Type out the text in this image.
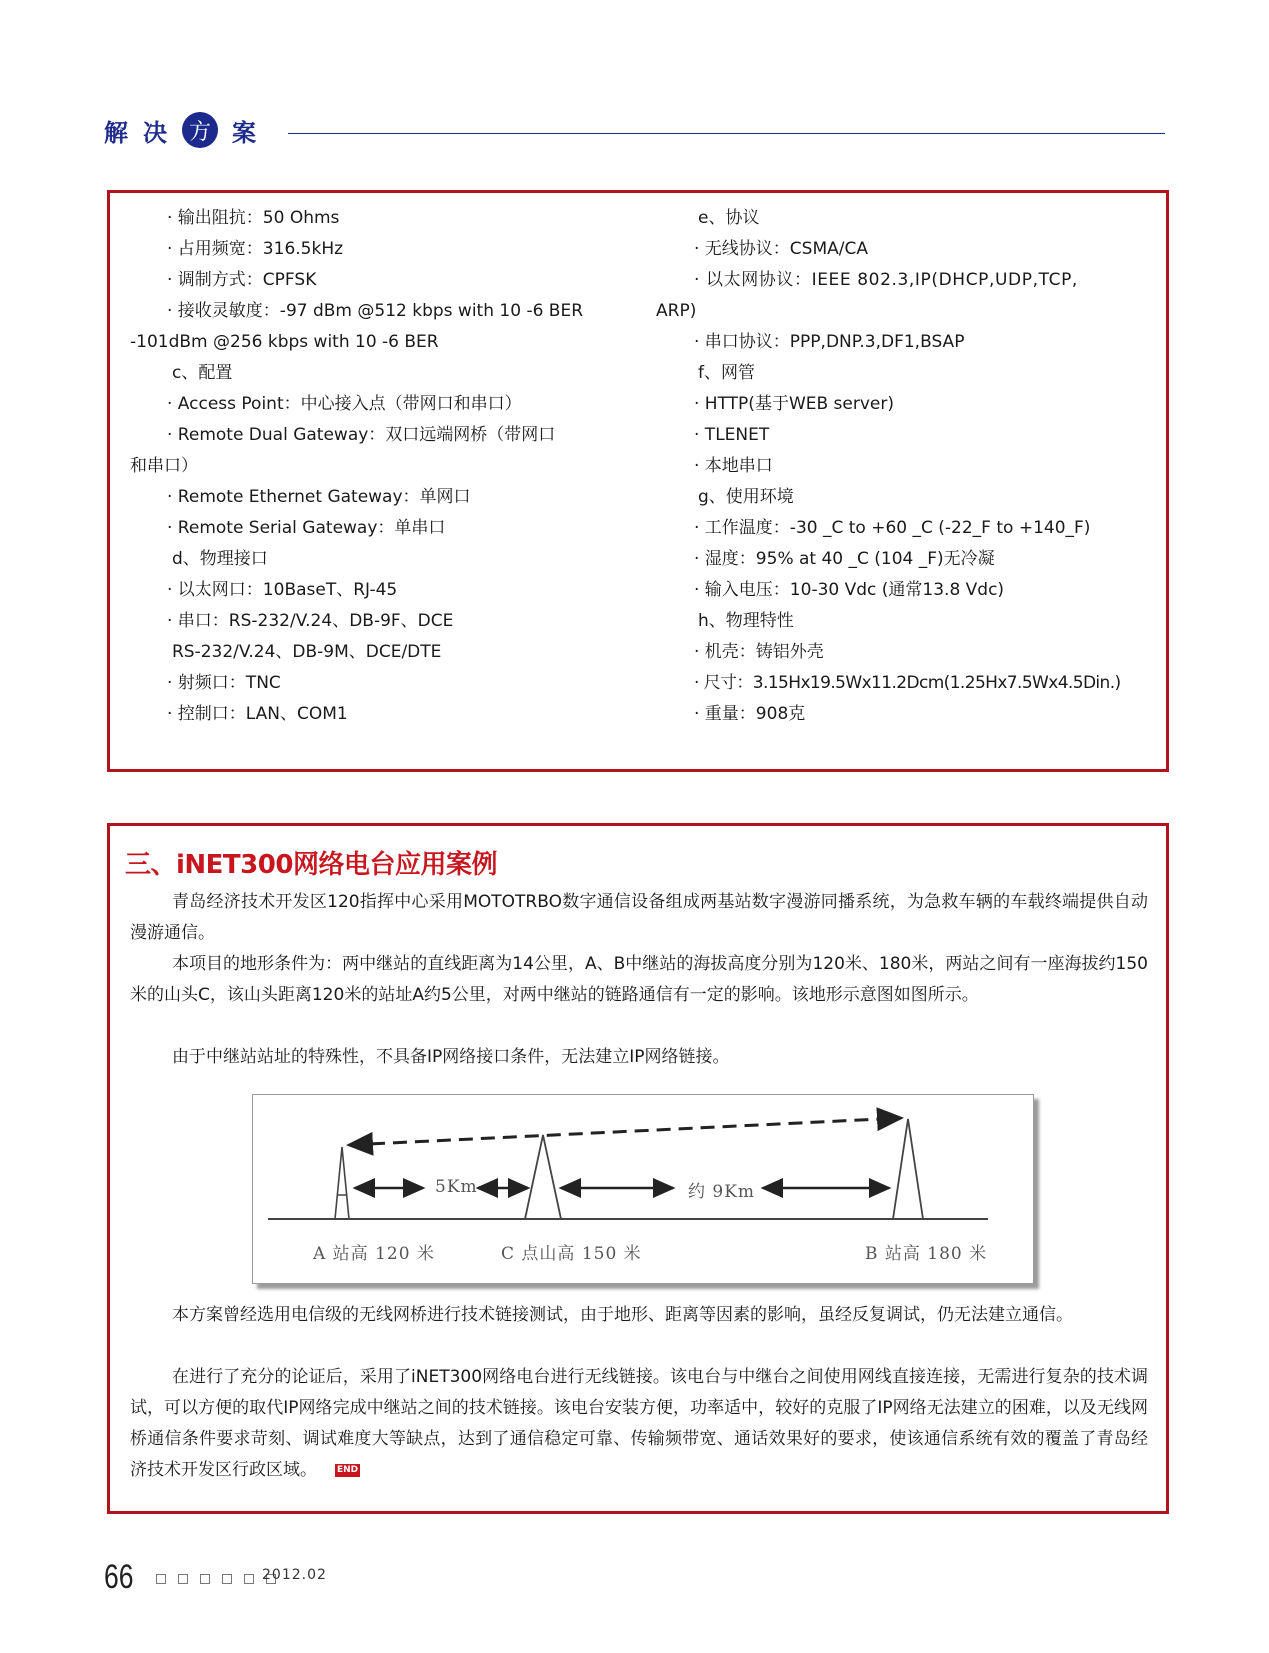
解 决 方 案
· 输出阻抗：50 Ohms
· 占用频宽：316.5kHz
· 调制方式：CPFSK
· 接收灵敏度：-97 dBm @512 kbps with 10 -6 BER
-101dBm @256 kbps with 10 -6 BER
c、配置
· Access Point：中心接入点（带网口和串口）
· Remote Dual Gateway：双口远端网桥（带网口
和串口）
· Remote Ethernet Gateway：单网口
· Remote Serial Gateway：单串口
d、物理接口
· 以太网口：10BaseT、RJ-45
· 串口：RS-232/V.24、DB-9F、DCE
RS-232/V.24、DB-9M、DCE/DTE
· 射频口：TNC
· 控制口：LAN、COM1
e、协议
· 无线协议：CSMA/CA
· 以太网协议：IEEE 802.3,IP(DHCP,UDP,TCP,
ARP)
· 串口协议：PPP,DNP.3,DF1,BSAP
f、网管
· HTTP(基于WEB server)
· TLENET
· 本地串口
g、使用环境
· 工作温度：-30 _C to +60 _C (-22_F to +140_F)
· 湿度：95% at 40 _C (104 _F)无冷凝
· 输入电压：10-30 Vdc (通常13.8 Vdc)
h、物理特性
· 机壳：铸铝外壳
· 尺寸：3.15Hx19.5Wx11.2Dcm(1.25Hx7.5Wx4.5Din.)
· 重量：908克
三、iNET300网络电台应用案例
青岛经济技术开发区120指挥中心采用MOTOTRBO数字通信设备组成两基站数字漫游同播系统，为急救车辆的车载终端提供自动漫游通信。
本项目的地形条件为：两中继站的直线距离为14公里，A、B中继站的海拔高度分别为120米、180米，两站之间有一座海拔约150米的山头C，该山头距离120米的站址A约5公里，对两中继站的链路通信有一定的影响。该地形示意图如图所示。
由于中继站站址的特殊性，不具备IP网络接口条件，无法建立IP网络链接。
5Km	约 9Km
A 站高 120 米	C 点山高 150 米	B 站高 180 米
本方案曾经选用电信级的无线网桥进行技术链接测试，由于地形、距离等因素的影响，虽经反复调试，仍无法建立通信。
在进行了充分的论证后，采用了iNET300网络电台进行无线链接。该电台与中继台之间使用网线直接连接，无需进行复杂的技术调试，可以方便的取代IP网络完成中继站之间的技术链接。该电台安装方便，功率适中，较好的克服了IP网络无法建立的困难，以及无线网桥通信条件要求苛刻、调试难度大等缺点，达到了通信稳定可靠、传输频带宽、通话效果好的要求，使该通信系统有效的覆盖了青岛经济技术开发区行政区域。 END
66	2012.02
